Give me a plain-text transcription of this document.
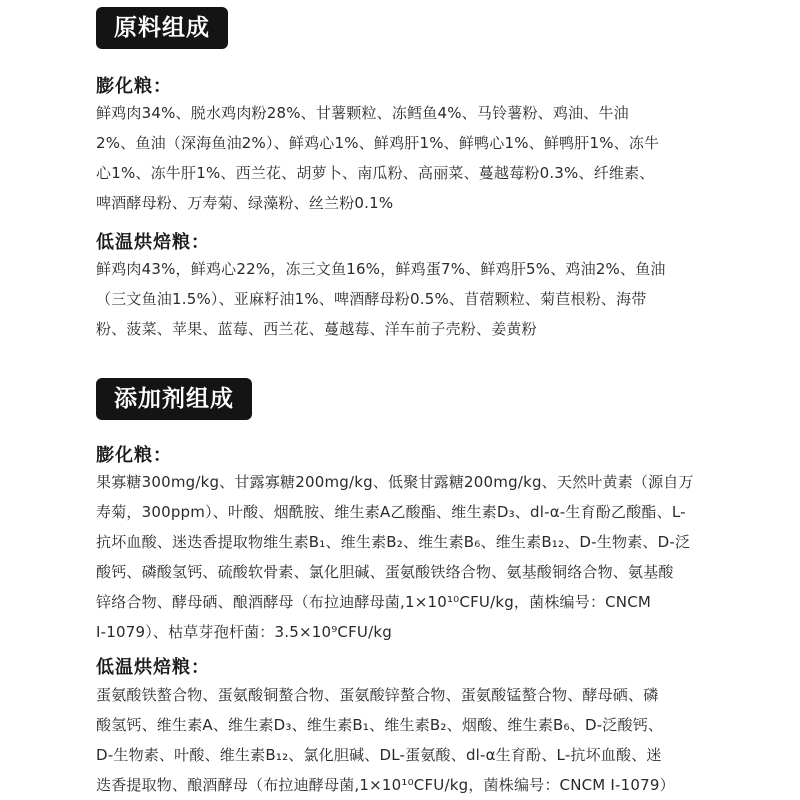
原料组成
膨化粮：
鲜鸡肉34%、脱水鸡肉粉28%、甘薯颗粒、冻鳕鱼4%、马铃薯粉、鸡油、牛油
2%、鱼油（深海鱼油2%）、鲜鸡心1%、鲜鸡肝1%、鲜鸭心1%、鲜鸭肝1%、冻牛
心1%、冻牛肝1%、西兰花、胡萝卜、南瓜粉、高丽菜、蔓越莓粉0.3%、纤维素、
啤酒酵母粉、万寿菊、绿藻粉、丝兰粉0.1%
低温烘焙粮：
鲜鸡肉43%，鲜鸡心22%，冻三文鱼16%，鲜鸡蛋7%、鲜鸡肝5%、鸡油2%、鱼油
（三文鱼油1.5%）、亚麻籽油1%、啤酒酵母粉0.5%、苜蓿颗粒、菊苣根粉、海带
粉、菠菜、苹果、蓝莓、西兰花、蔓越莓、洋车前子壳粉、姜黄粉
添加剂组成
膨化粮：
果寡糖300mg/kg、甘露寡糖200mg/kg、低聚甘露糖200mg/kg、天然叶黄素（源自万
寿菊，300ppm）、叶酸、烟酰胺、维生素A乙酸酯、维生素D₃、dl-α-生育酚乙酸酯、L-
抗坏血酸、迷迭香提取物维生素B₁、维生素B₂、维生素B₆、维生素B₁₂、D-生物素、D-泛
酸钙、磷酸氢钙、硫酸软骨素、氯化胆碱、蛋氨酸铁络合物、氨基酸铜络合物、氨基酸
锌络合物、酵母硒、酿酒酵母（布拉迪酵母菌,1×10¹⁰CFU/kg，菌株编号：CNCM
I-1079）、枯草芽孢杆菌：3.5×10⁹CFU/kg
低温烘焙粮：
蛋氨酸铁螯合物、蛋氨酸铜螯合物、蛋氨酸锌螯合物、蛋氨酸锰螯合物、酵母硒、磷
酸氢钙、维生素A、维生素D₃、维生素B₁、维生素B₂、烟酸、维生素B₆、D-泛酸钙、
D-生物素、叶酸、维生素B₁₂、氯化胆碱、DL-蛋氨酸、dl-α生育酚、L-抗坏血酸、迷
迭香提取物、酿酒酵母（布拉迪酵母菌,1×10¹⁰CFU/kg，菌株编号：CNCM I-1079）
